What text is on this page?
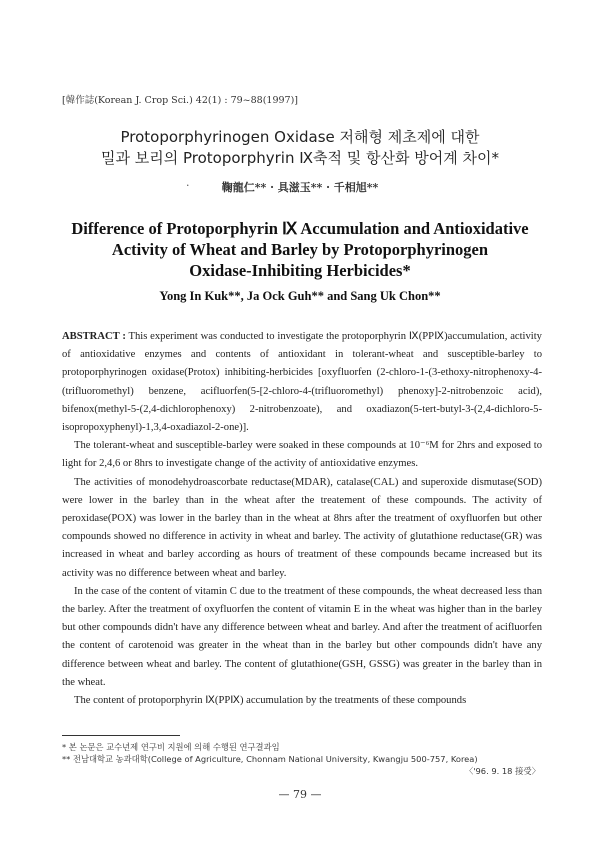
[韓作誌(Korean J. Crop Sci.) 42(1) : 79~88(1997)]
Protoporphyrinogen Oxidase 저해형 제초제에 대한
밀과 보리의 Protoporphyrin Ⅸ축적 및 항산화 방어계 차이*
·	鞠龍仁** · 具滋玉** · 千相旭**
Difference of Protoporphyrin Ⅸ Accumulation and Antioxidative
Activity of Wheat and Barley by Protoporphyrinogen
Oxidase-Inhibiting Herbicides*
Yong In Kuk**, Ja Ock Guh** and Sang Uk Chon**

ABSTRACT : This experiment was conducted to investigate the protoporphyrin Ⅸ(PPⅨ)accumulation, activity of antioxidative enzymes and contents of antioxidant in tolerant-wheat and susceptible-barley to protoporphyrinogen oxidase(Protox) inhibiting-herbicides [oxyfluorfen (2-chloro-1-(3-ethoxy-nitrophenoxy-4-(trifluoromethyl) benzene, acifluorfen(5-[2-chloro-4-(trifluoromethyl) phenoxy]-2-nitrobenzoic acid), bifenox(methyl-5-(2,4-dichlorophenoxy) 2-nitrobenzoate), and oxadiazon(5-tert-butyl-3-(2,4-dichloro-5-isopropoxyphenyl)-1,3,4-oxadiazol-2-one)].

The tolerant-wheat and susceptible-barley were soaked in these compounds at 10⁻⁶M for 2hrs and exposed to light for 2,4,6 or 8hrs to investigate change of the activity of antioxidative enzymes.

The activities of monodehydroascorbate reductase(MDAR), catalase(CAL) and superoxide dismutase(SOD) were lower in the barley than in the wheat after the treatement of these compounds. The activity of peroxidase(POX) was lower in the barley than in the wheat at 8hrs after the treatment of oxyfluorfen but other compounds showed no difference in activity in wheat and barley. The activity of glutathione reductase(GR) was increased in wheat and barley according as hours of treatment of these compounds became increased but its activity was no difference between wheat and barley.

In the case of the content of vitamin C due to the treatment of these compounds, the wheat decreased less than the barley. After the treatment of oxyfluorfen the content of vitamin E in the wheat was higher than in the barley but other compounds didn't have any difference between wheat and barley. And after the treatment of acifluorfen the content of carotenoid was greater in the wheat than in the barley but other compounds didn't have any difference between wheat and barley. The content of glutathione(GSH, GSSG) was greater in the barley than in the wheat.

The content of protoporphyrin Ⅸ(PPⅨ) accumulation by the treatments of these compounds

* 본 논문은 교수년제 연구비 지원에 의해 수행된 연구결과임
** 전남대학교 농과대학(College of Agriculture, Chonnam National University, Kwangju 500-757, Korea)
〈'96. 9. 18 接受〉
— 79 —
